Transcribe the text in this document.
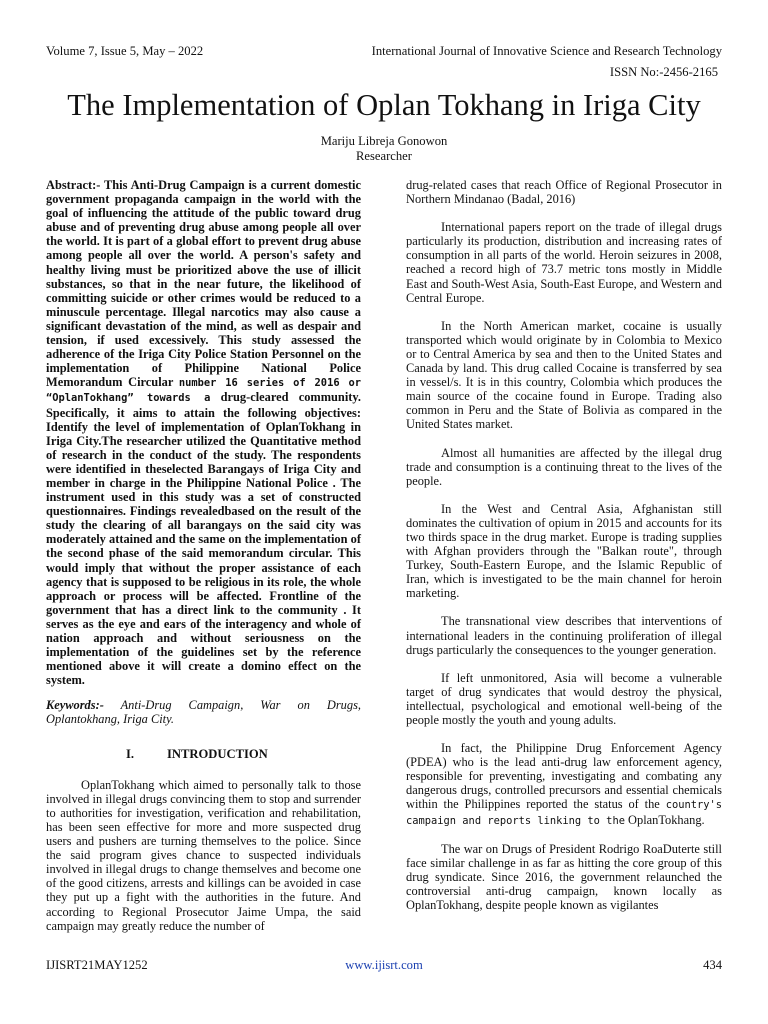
Volume 7, Issue 5, May – 2022	International Journal of Innovative Science and Research Technology
ISSN No:-2456-2165
The Implementation of Oplan Tokhang in Iriga City
Mariju Libreja Gonowon
Researcher

Abstract:- This Anti-Drug Campaign is a current domestic government propaganda campaign in the world with the goal of influencing the attitude of the public toward drug abuse and of preventing drug abuse among people all over the world. It is part of a global effort to prevent drug abuse among people all over the world. A person's safety and healthy living must be prioritized above the use of illicit substances, so that in the near future, the likelihood of committing suicide or other crimes would be reduced to a minuscule percentage. Illegal narcotics may also cause a significant devastation of the mind, as well as despair and tension, if used excessively. This study assessed the adherence of the Iriga City Police Station Personnel on the implementation of Philippine National Police Memorandum Circular number 16 series of 2016 or “OplanTokhang” towards a drug-cleared community. Specifically, it aims to attain the following objectives: Identify the level of implementation of OplanTokhang in Iriga City.The researcher utilized the Quantitative method of research in the conduct of the study. The respondents were identified in theselected Barangays of Iriga City and member in charge in the Philippine National Police . The instrument used in this study was a set of constructed questionnaires. Findings revealedbased on the result of the study the clearing of all barangays on the said city was moderately attained and the same on the implementation of the second phase of the said memorandum circular. This would imply that without the proper assistance of each agency that is supposed to be religious in its role, the whole approach or process will be affected. Frontline of the government that has a direct link to the community . It serves as the eye and ears of the interagency and whole of nation approach and without seriousness on the implementation of the guidelines set by the reference mentioned above it will create a domino effect on the system.

Keywords:- Anti-Drug Campaign, War on Drugs, Oplantokhang, Iriga City.

I.	INTRODUCTION

OplanTokhang which aimed to personally talk to those involved in illegal drugs convincing them to stop and surrender to authorities for investigation, verification and rehabilitation, has been seen effective for more and more suspected drug users and pushers are turning themselves to the police. Since the said program gives chance to suspected individuals involved in illegal drugs to change themselves and become one of the good citizens, arrests and killings can be avoided in case they put up a fight with the authorities in the future. And according to Regional Prosecutor Jaime Umpa, the said campaign may greatly reduce the number of

drug-related cases that reach Office of Regional Prosecutor in Northern Mindanao (Badal, 2016)

International papers report on the trade of illegal drugs particularly its production, distribution and increasing rates of consumption in all parts of the world. Heroin seizures in 2008, reached a record high of 73.7 metric tons mostly in Middle East and South-West Asia, South-East Europe, and Western and Central Europe.

In the North American market, cocaine is usually transported which would originate by in Colombia to Mexico or to Central America by sea and then to the United States and Canada by land. This drug called Cocaine is transferred by sea in vessel/s. It is in this country, Colombia which produces the main source of the cocaine found in Europe. Trading also common in Peru and the State of Bolivia as compared in the United States market.

Almost all humanities are affected by the illegal drug trade and consumption is a continuing threat to the lives of the people.

In the West and Central Asia, Afghanistan still dominates the cultivation of opium in 2015 and accounts for its two thirds space in the drug market. Europe is trading supplies with Afghan providers through the "Balkan route", through Turkey, South-Eastern Europe, and the Islamic Republic of Iran, which is investigated to be the main channel for heroin marketing.

The transnational view describes that interventions of international leaders in the continuing proliferation of illegal drugs particularly the consequences to the younger generation.

If left unmonitored, Asia will become a vulnerable target of drug syndicates that would destroy the physical, intellectual, psychological and emotional well-being of the people mostly the youth and young adults.

In fact, the Philippine Drug Enforcement Agency (PDEA) who is the lead anti-drug law enforcement agency, responsible for preventing, investigating and combating any dangerous drugs, controlled precursors and essential chemicals within the Philippines reported the status of the country's campaign and reports linking to the OplanTokhang.

The war on Drugs of President Rodrigo RoaDuterte still face similar challenge in as far as hitting the core group of this drug syndicate. Since 2016, the government relaunched the controversial anti-drug campaign, known locally as OplanTokhang, despite people known as vigilantes

IJISRT21MAY1252	www.ijisrt.com	434
